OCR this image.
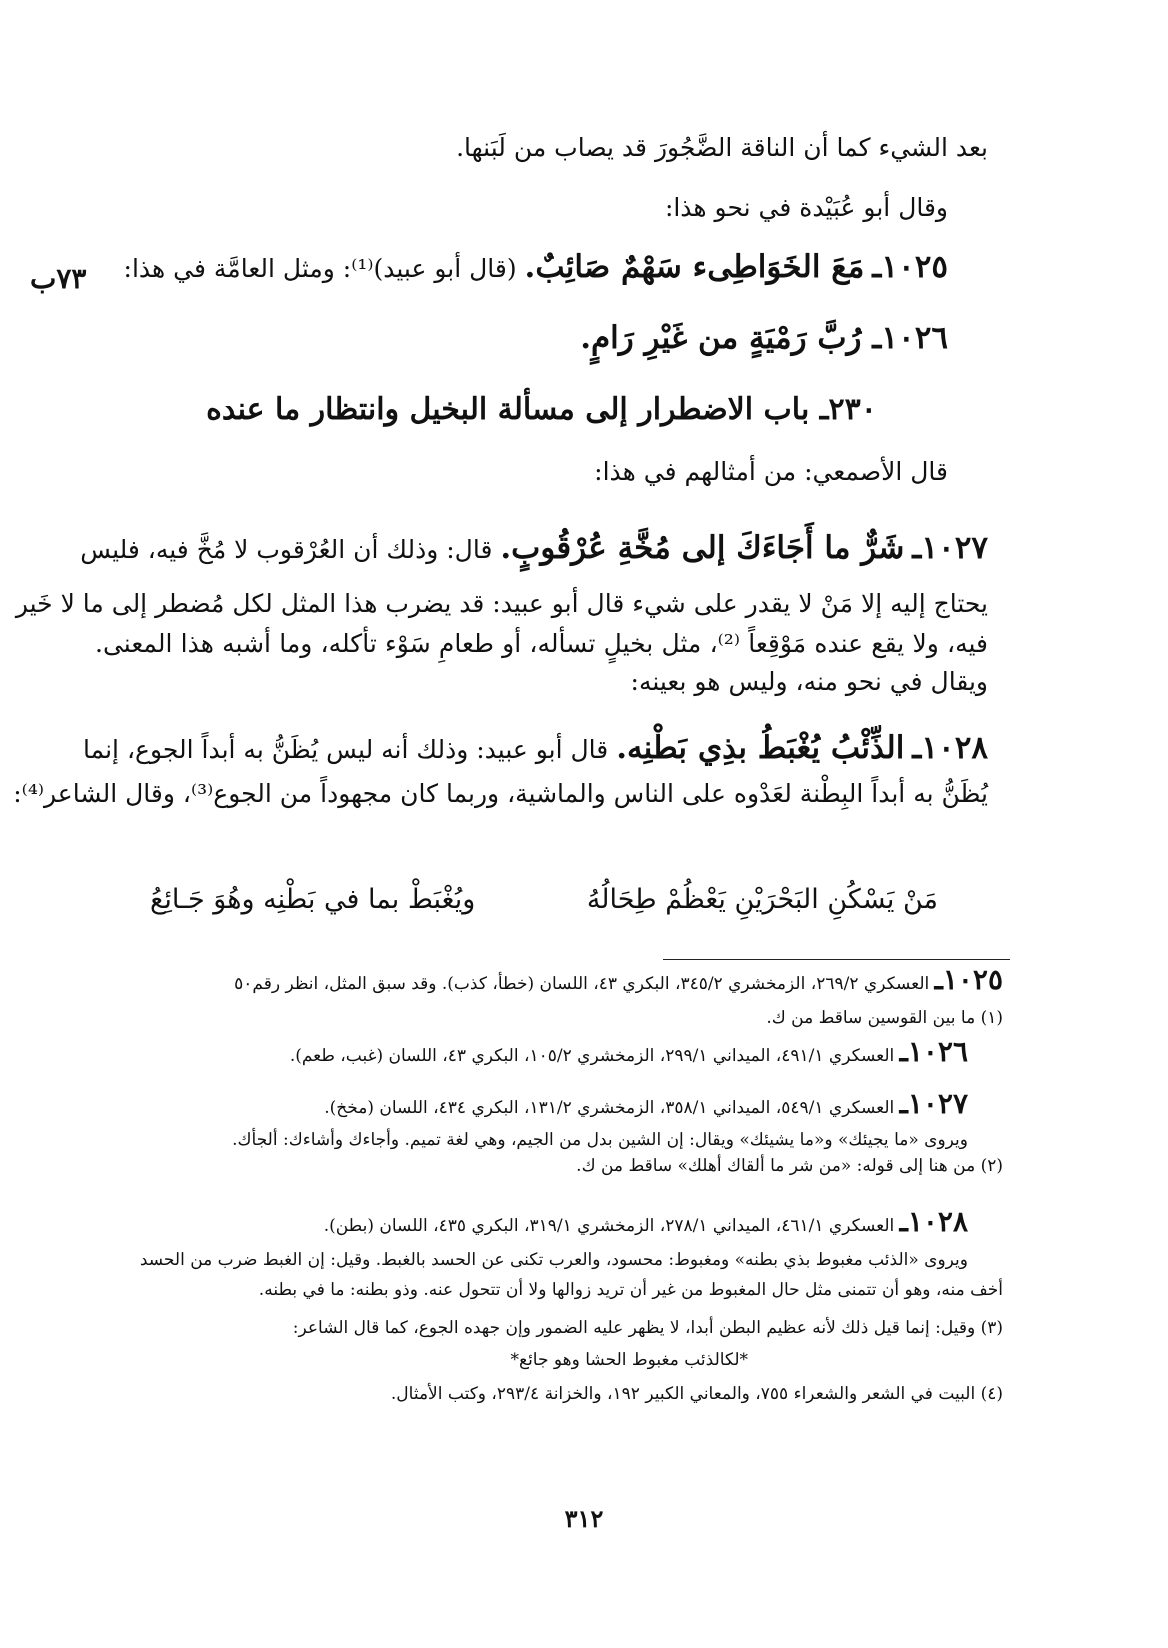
بعد الشيء كما أن الناقة الضَّجُورَ قد يصاب من لَبَنها.
وقال أبو عُبَيْدة في نحو هذا:
١٠٢٥ـ مَعَ الخَوَاطِىء سَهْمٌ صَائِبٌ. (قال أبو عبيد)⁽¹⁾: ومثل العامَّة في هذا:
٧٣ب
١٠٢٦ـ رُبَّ رَمْيَةٍ من غَيْرِ رَامٍ.
٢٣٠ـ باب الاضطرار إلى مسألة البخيل وانتظار ما عنده
قال الأصمعي: من أمثالهم في هذا:
١٠٢٧ـ شَرٌّ ما أَجَاءَكَ إلى مُخَّةِ عُرْقُوبٍ. قال: وذلك أن العُرْقوب لا مُخَّ فيه، فليس
يحتاج إليه إلا مَنْ لا يقدر على شيء قال أبو عبيد: قد يضرب هذا المثل لكل مُضطر إلى ما لا خَير
فيه، ولا يقع عنده مَوْقِعاً ⁽²⁾، مثل بخيلٍ تسأله، أو طعامِ سَوْء تأكله، وما أشبه هذا المعنى.
ويقال في نحو منه، وليس هو بعينه:
١٠٢٨ـ الذِّئْبُ يُغْبَطُ بذِي بَطْنِه. قال أبو عبيد: وذلك أنه ليس يُظَنُّ به أبداً الجوع، إنما
يُظَنُّ به أبداً البِطْنة لعَدْوه على الناس والماشية، وربما كان مجهوداً من الجوع⁽³⁾، وقال الشاعر⁽⁴⁾:
مَنْ يَسْكُنِ البَحْرَيْنِ يَعْظُمْ طِحَالُهُ
ويُغْبَطْ بما في بَطْنِه وهُوَ جَـائِعُ
١٠٢٥ـ العسكري ٢٦٩/٢، الزمخشري ٣٤٥/٢، البكري ٤٣، اللسان (خطأ، كذب). وقد سبق المثل، انظر رقم٥٠
(١) ما بين القوسين ساقط من ك.
١٠٢٦ـ العسكري ٤٩١/١، الميداني ٢٩٩/١، الزمخشري ١٠٥/٢، البكري ٤٣، اللسان (غبب، طعم).
١٠٢٧ـ العسكري ٥٤٩/١، الميداني ٣٥٨/١، الزمخشري ١٣١/٢، البكري ٤٣٤، اللسان (مخخ).
ويروى «ما يجيئك» و«ما يشيئك» ويقال: إن الشين بدل من الجيم، وهي لغة تميم. وأجاءك وأشاءك: ألجأك.
(٢) من هنا إلى قوله: «من شر ما ألقاك أهلك» ساقط من ك.
١٠٢٨ـ العسكري ٤٦١/١، الميداني ٢٧٨/١، الزمخشري ٣١٩/١، البكري ٤٣٥، اللسان (بطن).
ويروى «الذئب مغبوط بذي بطنه» ومغبوط: محسود، والعرب تكنى عن الحسد بالغبط. وقيل: إن الغبط ضرب من الحسد
أخف منه، وهو أن تتمنى مثل حال المغبوط من غير أن تريد زوالها ولا أن تتحول عنه. وذو بطنه: ما في بطنه.
(٣) وقيل: إنما قيل ذلك لأنه عظيم البطن أبدا، لا يظهر عليه الضمور وإن جهده الجوع، كما قال الشاعر:
*لكالذئب مغبوط الحشا وهو جائع*
(٤) البيت في الشعر والشعراء ٧٥٥، والمعاني الكبير ١٩٢، والخزانة ٢٩٣/٤، وكتب الأمثال.
٣١٢
